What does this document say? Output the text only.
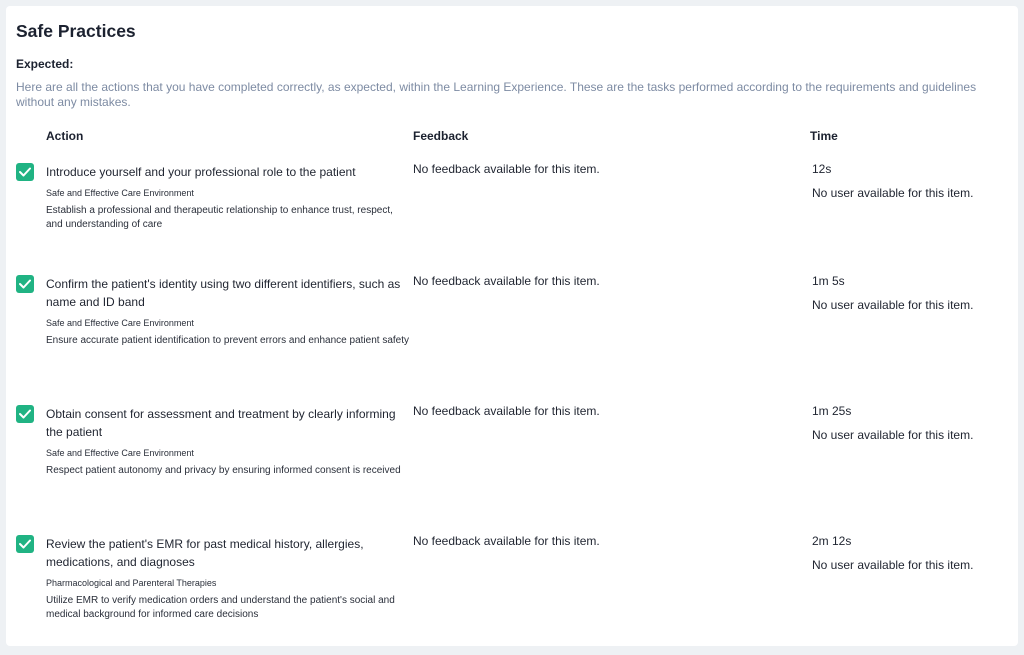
Safe Practices
Expected:
Here are all the actions that you have completed correctly, as expected, within the Learning Experience. These are the tasks performed according to the requirements and guidelines without any mistakes.
Action	Feedback	Time
Introduce yourself and your professional role to the patient
Safe and Effective Care Environment
Establish a professional and therapeutic relationship to enhance trust, respect, and understanding of care
No feedback available for this item.	12s
No user available for this item.
Confirm the patient's identity using two different identifiers, such as name and ID band
Safe and Effective Care Environment
Ensure accurate patient identification to prevent errors and enhance patient safety
No feedback available for this item.	1m 5s
No user available for this item.
Obtain consent for assessment and treatment by clearly informing the patient
Safe and Effective Care Environment
Respect patient autonomy and privacy by ensuring informed consent is received
No feedback available for this item.	1m 25s
No user available for this item.
Review the patient's EMR for past medical history, allergies, medications, and diagnoses
Pharmacological and Parenteral Therapies
Utilize EMR to verify medication orders and understand the patient's social and medical background for informed care decisions
No feedback available for this item.	2m 12s
No user available for this item.
